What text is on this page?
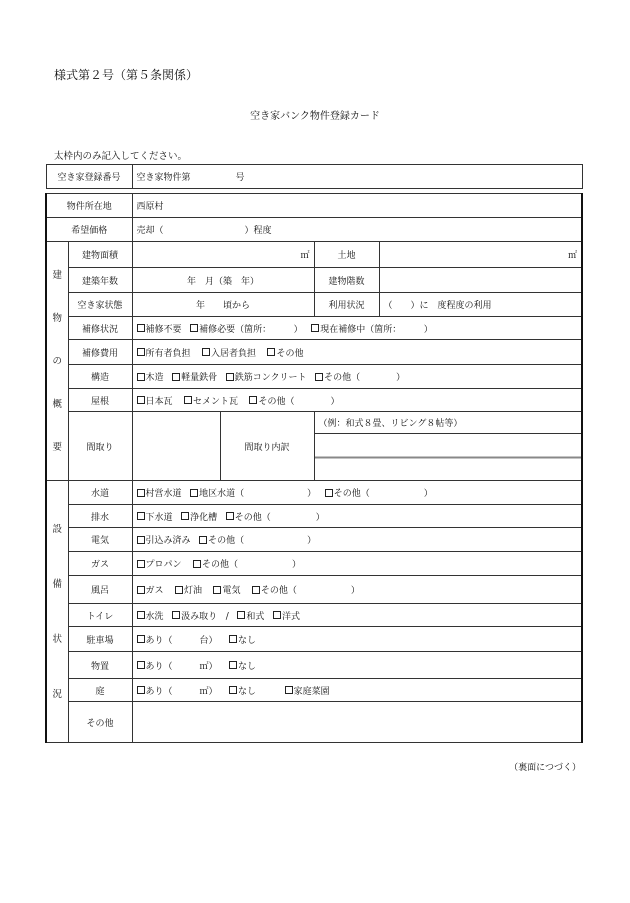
様式第２号（第５条関係）
空き家バンク物件登録カード
太枠内のみ記入してください。
空き家登録番号		空き家物件第　　　　　号			

物件所在地		西原村			
希望価格		売却（　　　　　　　　　）程度			
建
物
の
概
要	建物面積	㎡		土地	㎡
	建築年数	年　月（築　年）		建物階数	
	空き家状態	年　　頃から		利用状況	（　　）に　度程度の利用
	補修状況	補修不要 補修必要（箇所：　　　） 現在補修中（箇所：　　　）			
	補修費用	所有者負担 入居者負担 その他			
	構造	木造 軽量鉄骨 鉄筋コンクリート その他（　　　　）			
	屋根	日本瓦 セメント瓦 その他（　　　　）			
	間取り		間取り内訳	（例：和式８畳、リビング８帖等）	

設
備
状
況	水道	村営水道 地区水道（　　　　　　　） その他（　　　　　　）			
	排水	下水道 浄化槽 その他（　　　　　）			
	電気	引込み済み その他（　　　　　　　）			
	ガス	プロパン その他（　　　　　　）			
	風呂	ガス 灯油 電気 その他（　　　　　　）			
	トイレ	水洗 汲み取り / 和式 洋式			
	駐車場	あり（　　　台） なし			
	物置	あり（　　　㎡） なし			
	庭	あり（　　　㎡） なし 家庭菜園			
	その他				
（裏面につづく）
